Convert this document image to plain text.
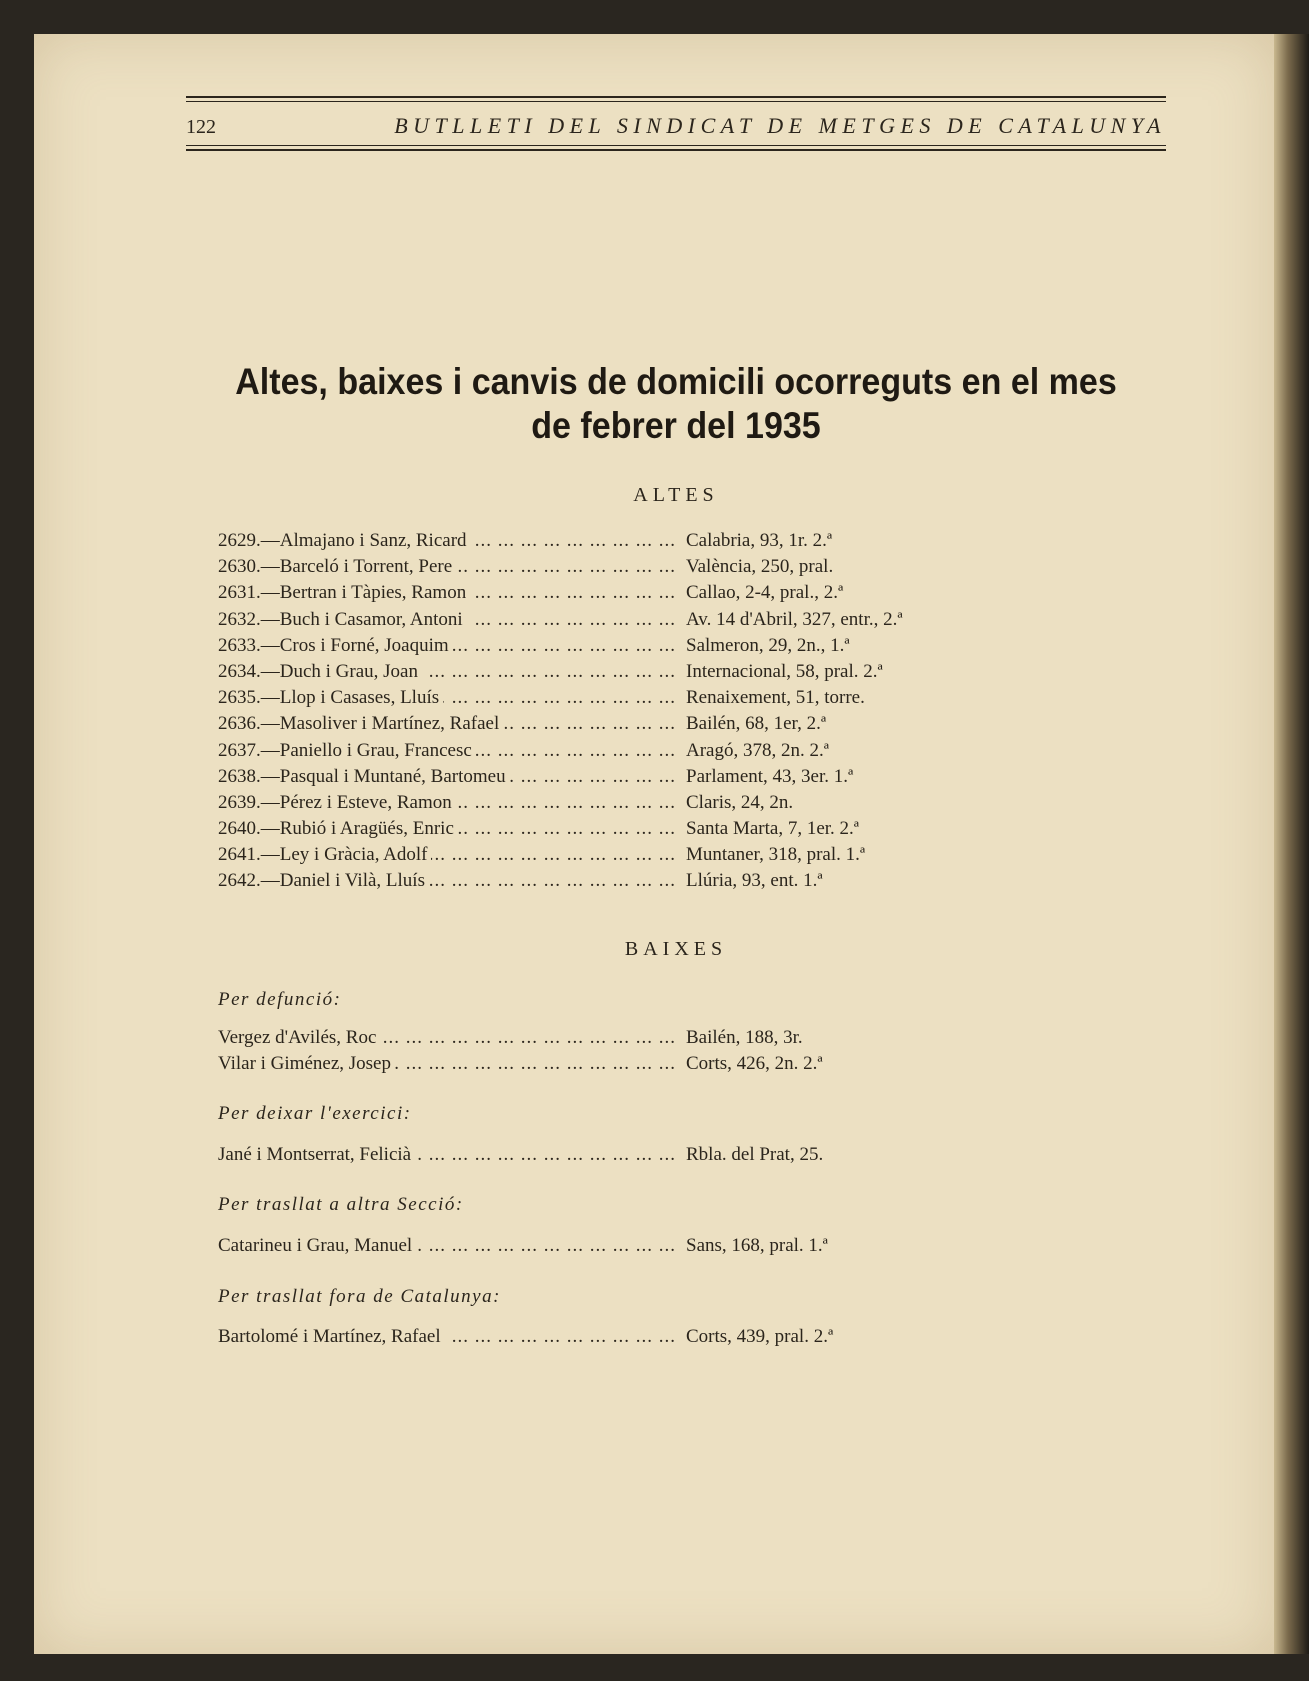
122	BUTLLETI DEL SINDICAT DE METGES DE CATALUNYA
Altes, baixes i canvis de domicili ocorreguts en el mes de febrer del 1935
ALTES
2629.—Almajano i Sanz, Ricard ... .	Calabria, 93, 1r. 2.ª
2630.—Barceló i Torrent, Pere ... .	València, 250, pral.
2631.—Bertran i Tàpies, Ramon ... .	Callao, 2-4, pral., 2.ª
2632.—Buch i Casamor, Antoni ... .	Av. 14 d'Abril, 327, entr., 2.ª
2633.—Cros i Forné, Joaquim ... .	Salmeron, 29, 2n., 1.ª
2634.—Duch i Grau, Joan ... .	Internacional, 58, pral. 2.ª
2635.—Llop i Casases, Lluís ... .	Renaixement, 51, torre.
2636.—Masoliver i Martínez, Rafael ... .	Bailén, 68, 1er, 2.ª
2637.—Paniello i Grau, Francesc ... .	Aragó, 378, 2n. 2.ª
2638.—Pasqual i Muntané, Bartomeu ... .	Parlament, 43, 3er. 1.ª
2639.—Pérez i Esteve, Ramon ... .	Claris, 24, 2n.
2640.—Rubió i Aragüés, Enric ... .	Santa Marta, 7, 1er. 2.ª
2641.—Ley i Gràcia, Adolf ... .	Muntaner, 318, pral. 1.ª
2642.—Daniel i Vilà, Lluís ... .	Llúria, 93, ent. 1.ª
BAIXES
Per defunció:
Vergez d'Avilés, Roc ... .	Bailén, 188, 3r.
Vilar i Giménez, Josep ... .	Corts, 426, 2n. 2.ª
Per deixar l'exercici:
Jané i Montserrat, Felicià ... .	Rbla. del Prat, 25.
Per trasllat a altra Secció:
Catarineu i Grau, Manuel ... .	Sans, 168, pral. 1.ª
Per trasllat fora de Catalunya:
Bartolomé i Martínez, Rafael ... .	Corts, 439, pral. 2.ª
